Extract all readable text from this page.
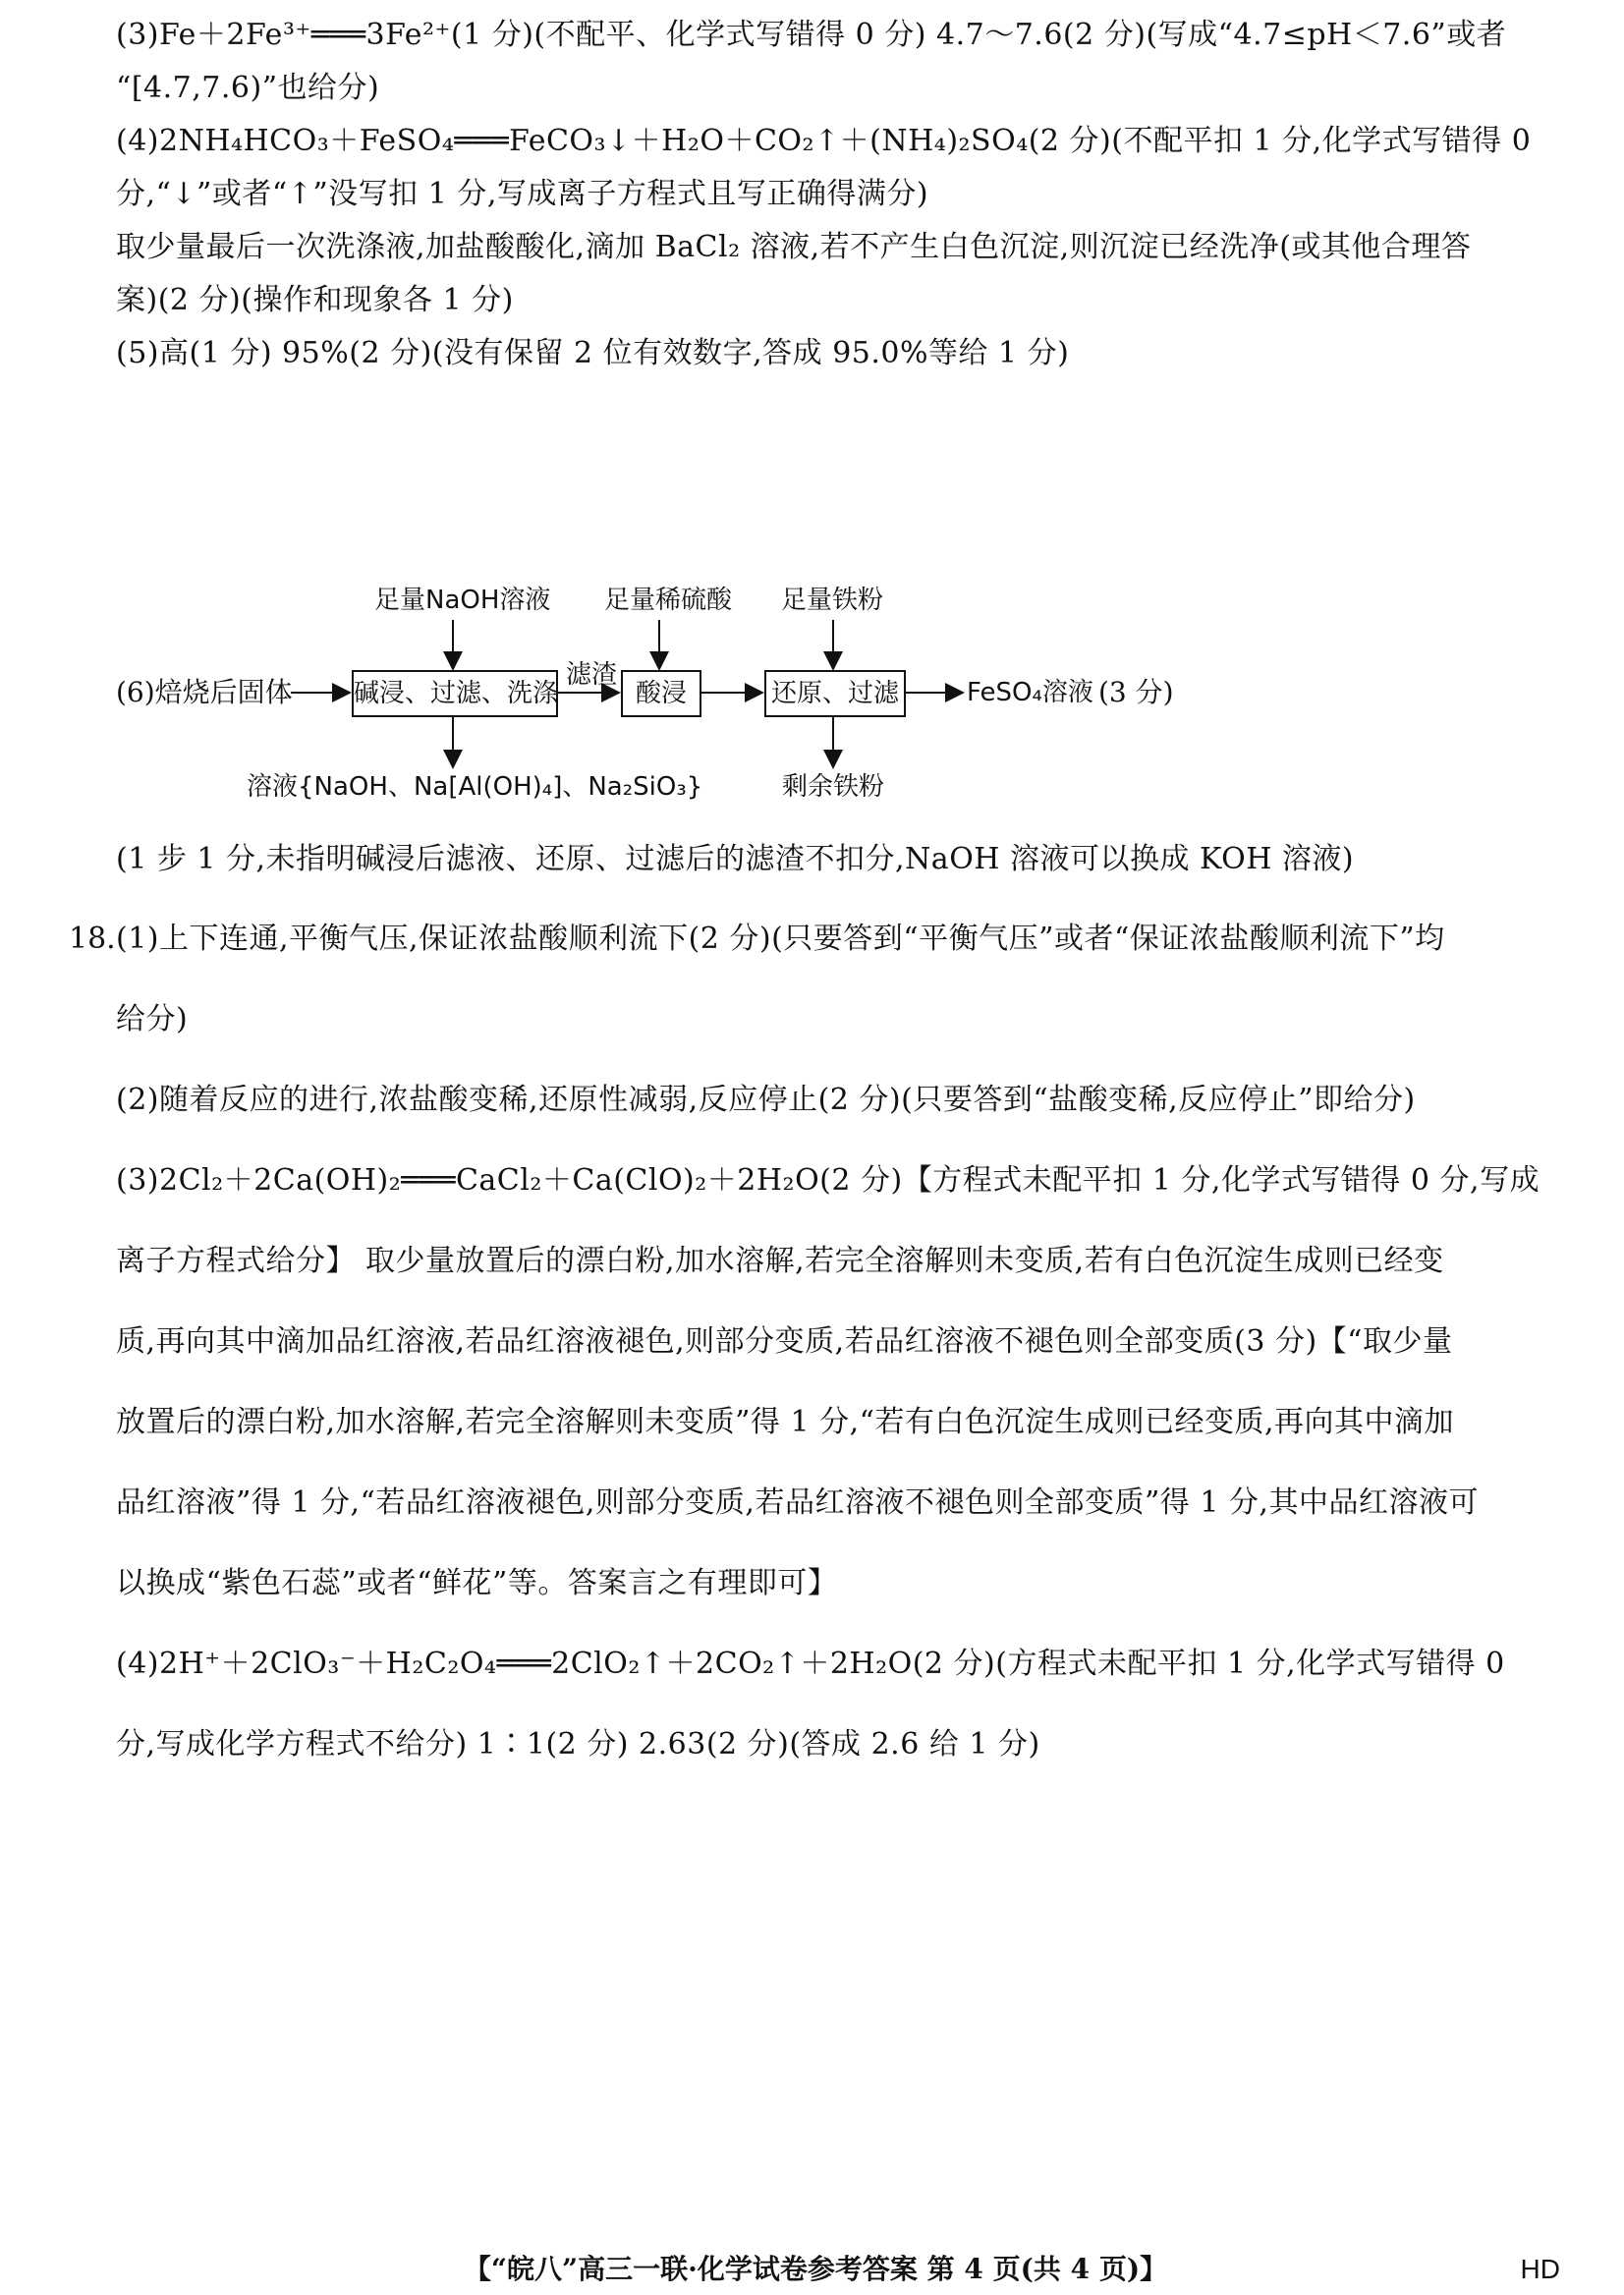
(3)Fe＋2Fe³⁺═══3Fe²⁺(1 分)(不配平、化学式写错得 0 分) 4.7～7.6(2 分)(写成“4.7≤pH＜7.6”或者
“[4.7,7.6)”也给分)
(4)2NH₄HCO₃＋FeSO₄═══FeCO₃↓＋H₂O＋CO₂↑＋(NH₄)₂SO₄(2 分)(不配平扣 1 分,化学式写错得 0
分,“↓”或者“↑”没写扣 1 分,写成离子方程式且写正确得满分)
取少量最后一次洗涤液,加盐酸酸化,滴加 BaCl₂ 溶液,若不产生白色沉淀,则沉淀已经洗净(或其他合理答
案)(2 分)(操作和现象各 1 分)
(5)高(1 分) 95%(2 分)(没有保留 2 位有效数字,答成 95.0%等给 1 分)
(6)焙烧后固体 碱浸、过滤、洗涤
足量NaOH溶液
溶液{NaOH、Na[Al(OH)₄]、Na₂SiO₃}
滤渣
酸浸
足量稀硫酸
还原、过滤
足量铁粉
剩余铁粉
FeSO₄溶液 (3 分)
(1 步 1 分,未指明碱浸后滤液、还原、过滤后的滤渣不扣分,NaOH 溶液可以换成 KOH 溶液)
18. (1)上下连通,平衡气压,保证浓盐酸顺利流下(2 分)(只要答到“平衡气压”或者“保证浓盐酸顺利流下”均
给分)
(2)随着反应的进行,浓盐酸变稀,还原性减弱,反应停止(2 分)(只要答到“盐酸变稀,反应停止”即给分)
(3)2Cl₂＋2Ca(OH)₂═══CaCl₂＋Ca(ClO)₂＋2H₂O(2 分)【方程式未配平扣 1 分,化学式写错得 0 分,写成
离子方程式给分】 取少量放置后的漂白粉,加水溶解,若完全溶解则未变质,若有白色沉淀生成则已经变
质,再向其中滴加品红溶液,若品红溶液褪色,则部分变质,若品红溶液不褪色则全部变质(3 分)【“取少量
放置后的漂白粉,加水溶解,若完全溶解则未变质”得 1 分,“若有白色沉淀生成则已经变质,再向其中滴加
品红溶液”得 1 分,“若品红溶液褪色,则部分变质,若品红溶液不褪色则全部变质”得 1 分,其中品红溶液可
以换成“紫色石蕊”或者“鲜花”等。答案言之有理即可】
(4)2H⁺＋2ClO₃⁻＋H₂C₂O₄═══2ClO₂↑＋2CO₂↑＋2H₂O(2 分)(方程式未配平扣 1 分,化学式写错得 0
分,写成化学方程式不给分) 1∶1(2 分) 2.63(2 分)(答成 2.6 给 1 分)
【“皖八”高三一联·化学试卷参考答案 第 4 页(共 4 页)】	HD
